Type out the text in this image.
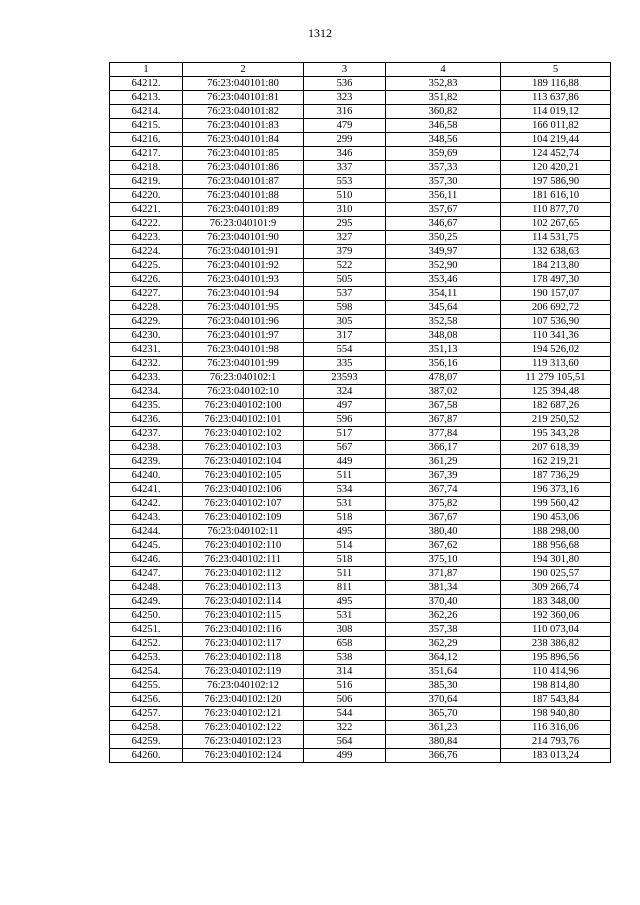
1312
1	2	3	4	5
64212.	76:23:040101:80	536	352,83	189 116,88
64213.	76:23:040101:81	323	351,82	113 637,86
64214.	76:23:040101:82	316	360,82	114 019,12
64215.	76:23:040101:83	479	346,58	166 011,82
64216.	76:23:040101:84	299	348,56	104 219,44
64217.	76:23:040101:85	346	359,69	124 452,74
64218.	76:23:040101:86	337	357,33	120 420,21
64219.	76:23:040101:87	553	357,30	197 586,90
64220.	76:23:040101:88	510	356,11	181 616,10
64221.	76:23:040101:89	310	357,67	110 877,70
64222.	76:23:040101:9	295	346,67	102 267,65
64223.	76:23:040101:90	327	350,25	114 531,75
64224.	76:23:040101:91	379	349,97	132 638,63
64225.	76:23:040101:92	522	352,90	184 213,80
64226.	76:23:040101:93	505	353,46	178 497,30
64227.	76:23:040101:94	537	354,11	190 157,07
64228.	76:23:040101:95	598	345,64	206 692,72
64229.	76:23:040101:96	305	352,58	107 536,90
64230.	76:23:040101:97	317	348,08	110 341,36
64231.	76:23:040101:98	554	351,13	194 526,02
64232.	76:23:040101:99	335	356,16	119 313,60
64233.	76:23:040102:1	23593	478,07	11 279 105,51
64234.	76:23:040102:10	324	387,02	125 394,48
64235.	76:23:040102:100	497	367,58	182 687,26
64236.	76:23:040102:101	596	367,87	219 250,52
64237.	76:23:040102:102	517	377,84	195 343,28
64238.	76:23:040102:103	567	366,17	207 618,39
64239.	76:23:040102:104	449	361,29	162 219,21
64240.	76:23:040102:105	511	367,39	187 736,29
64241.	76:23:040102:106	534	367,74	196 373,16
64242.	76:23:040102:107	531	375,82	199 560,42
64243.	76:23:040102:109	518	367,67	190 453,06
64244.	76:23:040102:11	495	380,40	188 298,00
64245.	76:23:040102:110	514	367,62	188 956,68
64246.	76:23:040102:111	518	375,10	194 301,80
64247.	76:23:040102:112	511	371,87	190 025,57
64248.	76:23:040102:113	811	381,34	309 266,74
64249.	76:23:040102:114	495	370,40	183 348,00
64250.	76:23:040102:115	531	362,26	192 360,06
64251.	76:23:040102:116	308	357,38	110 073,04
64252.	76:23:040102:117	658	362,29	238 386,82
64253.	76:23:040102:118	538	364,12	195 896,56
64254.	76:23:040102:119	314	351,64	110 414,96
64255.	76:23:040102:12	516	385,30	198 814,80
64256.	76:23:040102:120	506	370,64	187 543,84
64257.	76:23:040102:121	544	365,70	198 940,80
64258.	76:23:040102:122	322	361,23	116 316,06
64259.	76:23:040102:123	564	380,84	214 793,76
64260.	76:23:040102:124	499	366,76	183 013,24
